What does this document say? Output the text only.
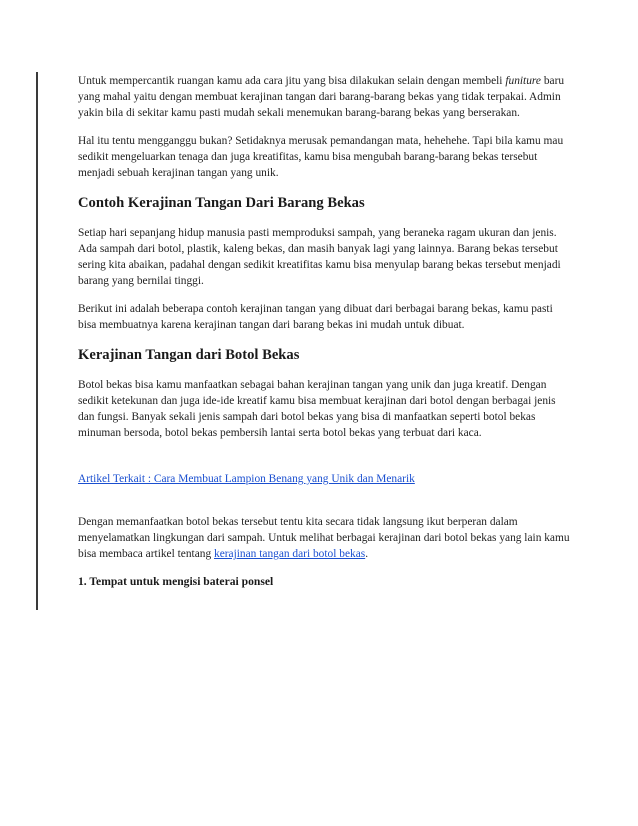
Untuk mempercantik ruangan kamu ada cara jitu yang bisa dilakukan selain dengan membeli funiture baru yang mahal yaitu dengan membuat kerajinan tangan dari barang-barang bekas yang tidak terpakai. Admin yakin bila di sekitar kamu pasti mudah sekali menemukan barang-barang bekas yang berserakan.

Hal itu tentu mengganggu bukan? Setidaknya merusak pemandangan mata, hehehehe. Tapi bila kamu mau sedikit mengeluarkan tenaga dan juga kreatifitas, kamu bisa mengubah barang-barang bekas tersebut menjadi sebuah kerajinan tangan yang unik.

Contoh Kerajinan Tangan Dari Barang Bekas

Setiap hari sepanjang hidup manusia pasti memproduksi sampah, yang beraneka ragam ukuran dan jenis. Ada sampah dari botol, plastik, kaleng bekas, dan masih banyak lagi yang lainnya. Barang bekas tersebut sering kita abaikan, padahal dengan sedikit kreatifitas kamu bisa menyulap barang bekas tersebut menjadi barang yang bernilai tinggi.

Berikut ini adalah beberapa contoh kerajinan tangan yang dibuat dari berbagai barang bekas, kamu pasti bisa membuatnya karena kerajinan tangan dari barang bekas ini mudah untuk dibuat.

Kerajinan Tangan dari Botol Bekas

Botol bekas bisa kamu manfaatkan sebagai bahan kerajinan tangan yang unik dan juga kreatif. Dengan sedikit ketekunan dan juga ide-ide kreatif kamu bisa membuat kerajinan dari botol dengan berbagai jenis dan fungsi. Banyak sekali jenis sampah dari botol bekas yang bisa di manfaatkan seperti botol bekas minuman bersoda, botol bekas pembersih lantai serta botol bekas yang terbuat dari kaca.

Artikel Terkait : Cara Membuat Lampion Benang yang Unik dan Menarik

Dengan memanfaatkan botol bekas tersebut tentu kita secara tidak langsung ikut berperan dalam menyelamatkan lingkungan dari sampah. Untuk melihat berbagai kerajinan dari botol bekas yang lain kamu bisa membaca artikel tentang kerajinan tangan dari botol bekas.

1. Tempat untuk mengisi baterai ponsel
